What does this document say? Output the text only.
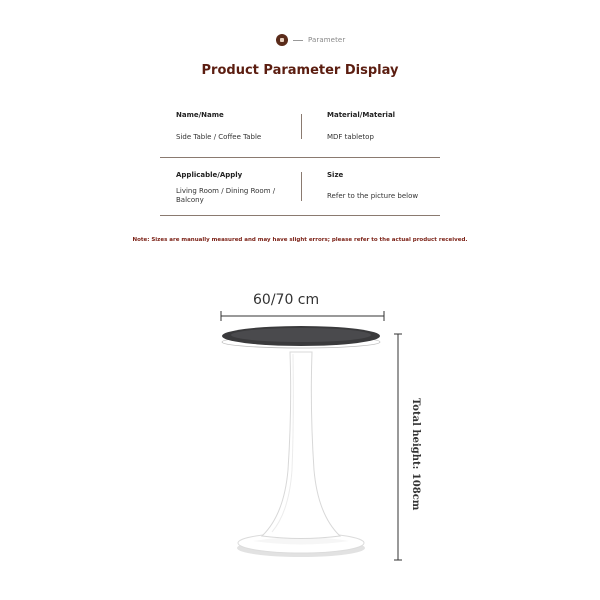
Parameter
Product Parameter Display
Name/Name
Side Table / Coffee Table
Material/Material
MDF tabletop
Applicable/Apply
Living Room / Dining Room / Balcony
Size
Refer to the picture below
Note: Sizes are manually measured and may have slight errors; please refer to the actual product received.
60/70 cm
Total height: 108cm
